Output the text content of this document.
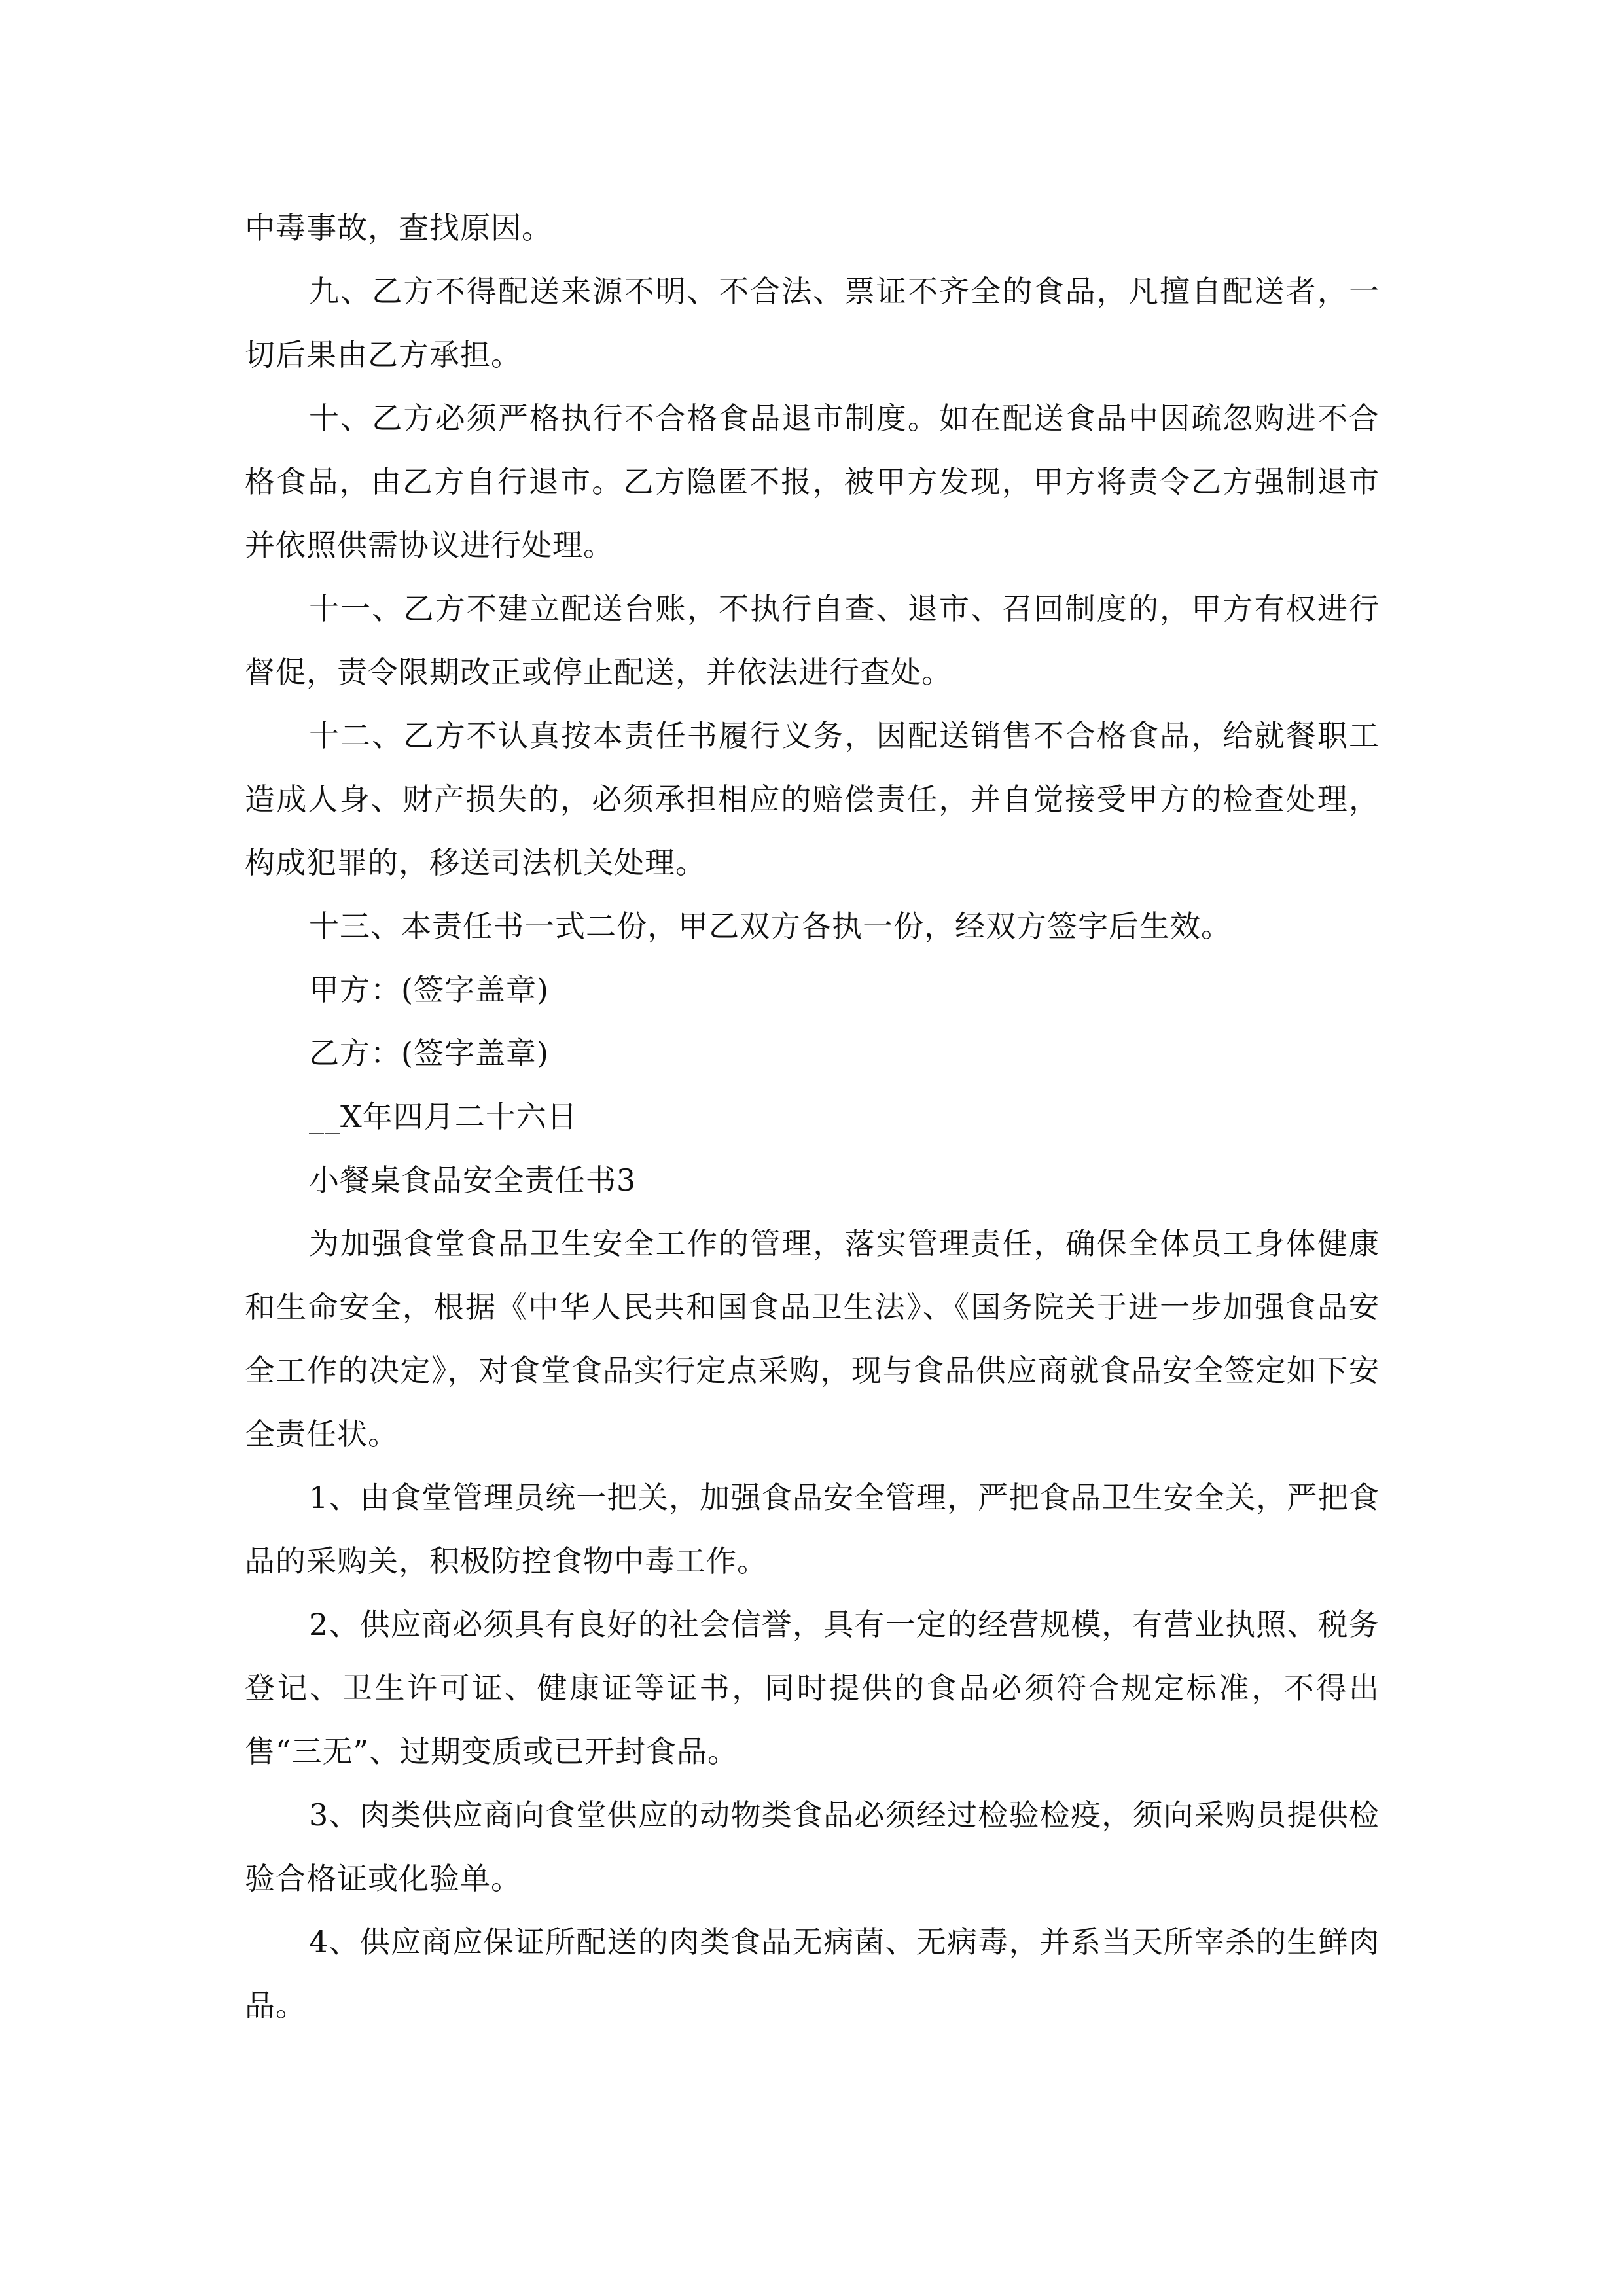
中毒事故，查找原因。

九、乙方不得配送来源不明、不合法、票证不齐全的食品，凡擅自配送者，一切后果由乙方承担。

十、乙方必须严格执行不合格食品退市制度。如在配送食品中因疏忽购进不合格食品，由乙方自行退市。乙方隐匿不报，被甲方发现，甲方将责令乙方强制退市并依照供需协议进行处理。

十一、乙方不建立配送台账，不执行自查、退市、召回制度的，甲方有权进行督促，责令限期改正或停止配送，并依法进行查处。

十二、乙方不认真按本责任书履行义务，因配送销售不合格食品，给就餐职工造成人身、财产损失的，必须承担相应的赔偿责任，并自觉接受甲方的检查处理，构成犯罪的，移送司法机关处理。

十三、本责任书一式二份，甲乙双方各执一份，经双方签字后生效。

甲方：(签字盖章)

乙方：(签字盖章)

__X年四月二十六日

小餐桌食品安全责任书3

为加强食堂食品卫生安全工作的管理，落实管理责任，确保全体员工身体健康和生命安全，根据《中华人民共和国食品卫生法》、《国务院关于进一步加强食品安全工作的决定》，对食堂食品实行定点采购，现与食品供应商就食品安全签定如下安全责任状。

1、由食堂管理员统一把关，加强食品安全管理，严把食品卫生安全关，严把食品的采购关，积极防控食物中毒工作。

2、供应商必须具有良好的社会信誉，具有一定的经营规模，有营业执照、税务登记、卫生许可证、健康证等证书，同时提供的食品必须符合规定标准，不得出售“三无”、过期变质或已开封食品。

3、肉类供应商向食堂供应的动物类食品必须经过检验检疫，须向采购员提供检验合格证或化验单。

4、供应商应保证所配送的肉类食品无病菌、无病毒，并系当天所宰杀的生鲜肉品。
